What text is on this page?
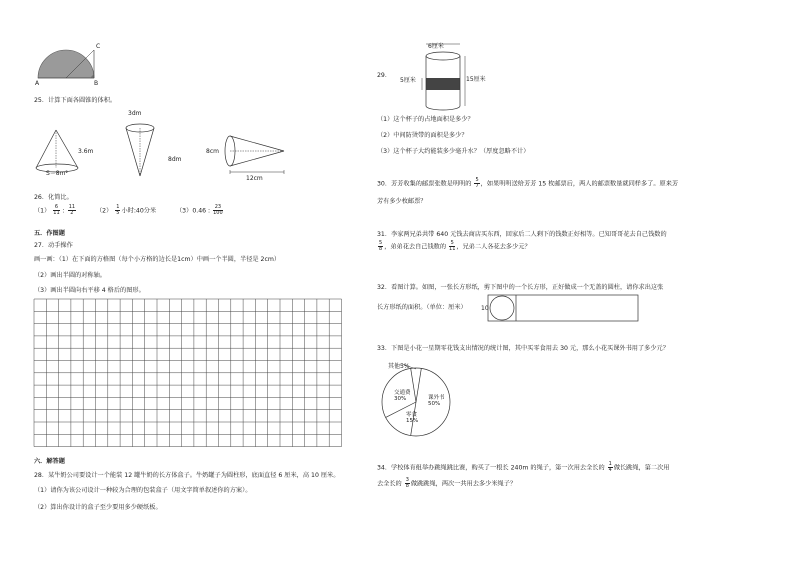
A	B
C
25．计算下面各圆锥的体积。
3.6m
S＝8m²
3dm
8dm
8cm
12cm
26．化简比。
$(1) \frac{6}{11}$ : $\frac{11}{2}$	$(2) \frac{1}{5}$ 小时:40分米	（3）0.46 : $\frac{23}{100}$
五．作图题
27．动手操作
画一画：（1）在下面的方格图（每个小方格的边长是1cm）中画一个半圆，半径是 2cm）
（2）画出半圆的对称轴。
（3）画出半圆向右平移 4 格后的图形。
六．解答题
28．某牛奶公司要设计一个能装 12 罐牛奶的长方体盒子。牛奶罐子为圆柱形，底面直径 6 厘米，高 10 厘米。
（1）请你为该公司设计一种较为合理的包装盒子（用文字简单叙述你的方案）。
（2）算出你设计的盒子至少要用多少硬纸板。
29．
6厘米
5厘米	15厘米
（1）这个杯子的占地面积是多少？
（2）中间防烫带的面积是多少？
（3）这个杯子大约能装多少毫升水？（厚度忽略不计）
30．芳芳收集的邮票张数是明明的 $\frac{5}{7}$ ，如果明明送给芳芳 15 枚邮票后，两人的邮票数量就同样多了。原来芳
芳有多少枚邮票？
31．李家两兄弟共带 640 元钱去商店买东西，回家后二人剩下的钱数正好相等。已知哥哥花去自己钱数的
$\frac{5}{8}$ ，弟弟花去自己钱数的 $\frac{5}{11}$ ，兄弟二人各花去多少元？
32．看图计算。如图，一张长方形纸，剪下图中的一个长方形，正好做成一个无盖的圆柱，请你求出这张
长方形纸的面积。（单位：厘米） 10
33．下图是小花一星期零花钱支出情况的统计图，其中买零食用去 30 元，那么小花买课外书用了多少元？
其他5%
课外书50%
零食15%
交通费30%
34．学校体育组举办跳绳跳比赛，购买了一根长 240m 的绳子，第一次用去全长的 $\frac{1}{4}$ 做长跳绳，第二次用
去全长的 $\frac{3}{8}$ 做跳跳绳，两次一共用去多少米绳子？
